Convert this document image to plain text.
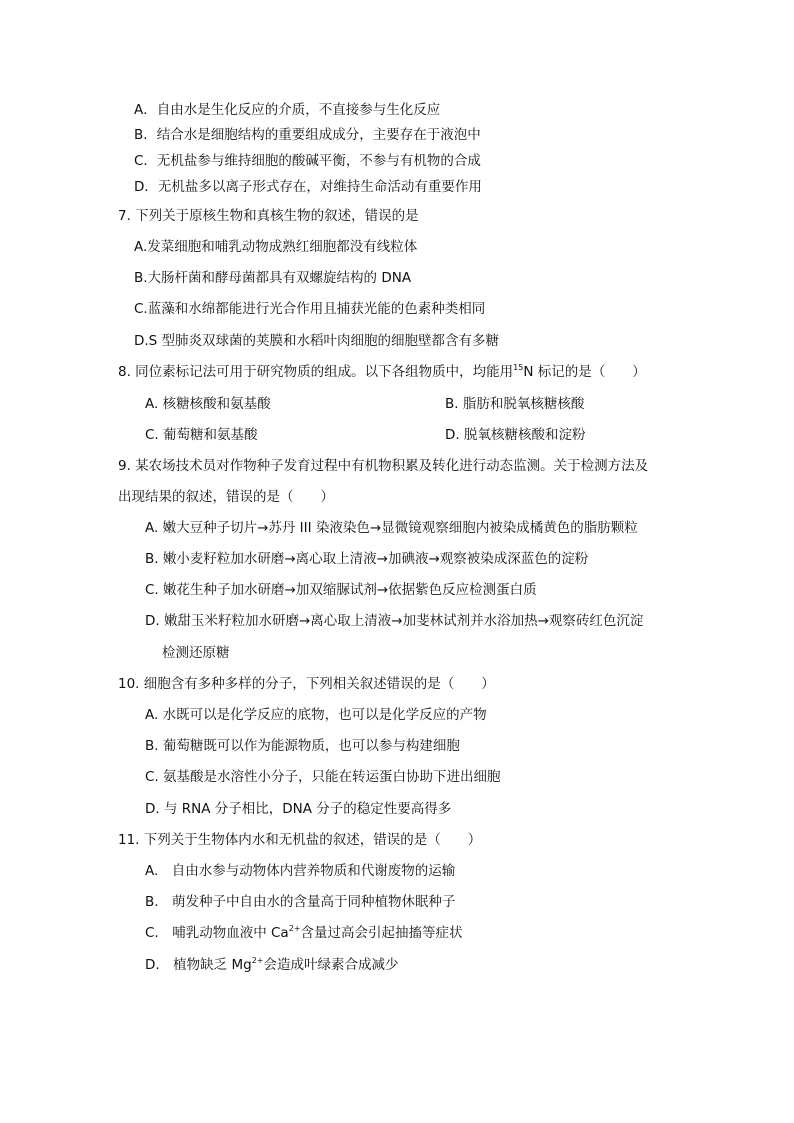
A．自由水是生化反应的介质，不直接参与生化反应
B．结合水是细胞结构的重要组成成分，主要存在于液泡中
C．无机盐参与维持细胞的酸碱平衡，不参与有机物的合成
D．无机盐多以离子形式存在，对维持生命活动有重要作用
7. 下列关于原核生物和真核生物的叙述，错误的是
A.发菜细胞和哺乳动物成熟红细胞都没有线粒体
B.大肠杆菌和酵母菌都具有双螺旋结构的 DNA
C.蓝藻和水绵都能进行光合作用且捕获光能的色素种类相同
D.S 型肺炎双球菌的荚膜和水稻叶肉细胞的细胞壁都含有多糖
8. 同位素标记法可用于研究物质的组成。以下各组物质中，均能用$^{15}$N 标记的是（　　）
A. 核糖核酸和氨基酸	B. 脂肪和脱氧核糖核酸
C. 葡萄糖和氨基酸	D. 脱氧核糖核酸和淀粉
9. 某农场技术员对作物种子发育过程中有机物积累及转化进行动态监测。关于检测方法及
出现结果的叙述，错误的是（　　）
A. 嫩大豆种子切片→苏丹 III 染液染色→显微镜观察细胞内被染成橘黄色的脂肪颗粒
B. 嫩小麦籽粒加水研磨→离心取上清液→加碘液→观察被染成深蓝色的淀粉
C. 嫩花生种子加水研磨→加双缩脲试剂→依据紫色反应检测蛋白质
D. 嫩甜玉米籽粒加水研磨→离心取上清液→加斐林试剂并水浴加热→观察砖红色沉淀
检测还原糖
10. 细胞含有多种多样的分子，下列相关叙述错误的是（　　）
A. 水既可以是化学反应的底物，也可以是化学反应的产物
B. 葡萄糖既可以作为能源物质，也可以参与构建细胞
C. 氨基酸是水溶性小分子，只能在转运蛋白协助下进出细胞
D. 与 RNA 分子相比，DNA 分子的稳定性要高得多
11. 下列关于生物体内水和无机盐的叙述，错误的是（　　）
A.　自由水参与动物体内营养物质和代谢废物的运输
B.　萌发种子中自由水的含量高于同种植物休眠种子
C.　哺乳动物血液中 $Ca^{2+}$含量过高会引起抽搐等症状
D.　植物缺乏 $Mg^{2+}$会造成叶绿素合成减少
